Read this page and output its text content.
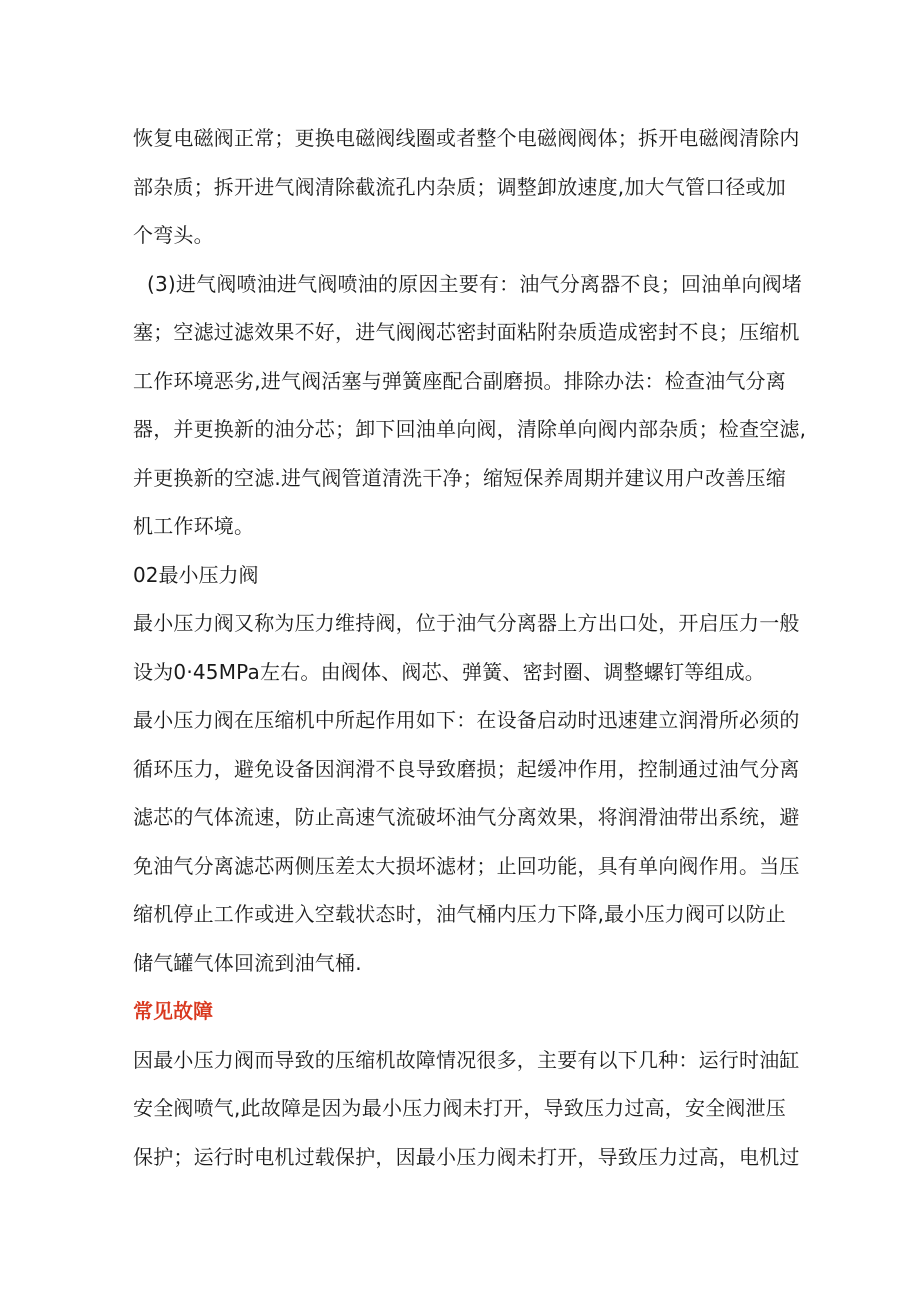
恢复电磁阀正常；更换电磁阀线圈或者整个电磁阀阀体；拆开电磁阀清除内
部杂质；拆开进气阀清除截流孔内杂质；调整卸放速度,加大气管口径或加
个弯头。

(3)进气阀喷油进气阀喷油的原因主要有：油气分离器不良；回油单向阀堵
塞；空滤过滤效果不好，进气阀阀芯密封面粘附杂质造成密封不良；压缩机
工作环境恶劣,进气阀活塞与弹簧座配合副磨损。排除办法：检查油气分离
器，并更换新的油分芯；卸下回油单向阀，清除单向阀内部杂质；检查空滤,
并更换新的空滤.进气阀管道清洗干净；缩短保养周期并建议用户改善压缩
机工作环境。

02最小压力阀

最小压力阀又称为压力维持阀，位于油气分离器上方出口处，开启压力一般
设为0·45MPa左右。由阀体、阀芯、弹簧、密封圈、调整螺钉等组成。

最小压力阀在压缩机中所起作用如下：在设备启动时迅速建立润滑所必须的
循环压力，避免设备因润滑不良导致磨损；起缓冲作用，控制通过油气分离
滤芯的气体流速，防止高速气流破坏油气分离效果，将润滑油带出系统，避
免油气分离滤芯两侧压差太大损坏滤材；止回功能，具有单向阀作用。当压
缩机停止工作或进入空载状态时，油气桶内压力下降,最小压力阀可以防止
储气罐气体回流到油气桶.

常见故障

因最小压力阀而导致的压缩机故障情况很多，主要有以下几种：运行时油缸
安全阀喷气,此故障是因为最小压力阀未打开，导致压力过高，安全阀泄压
保护；运行时电机过载保护，因最小压力阀未打开，导致压力过高，电机过
